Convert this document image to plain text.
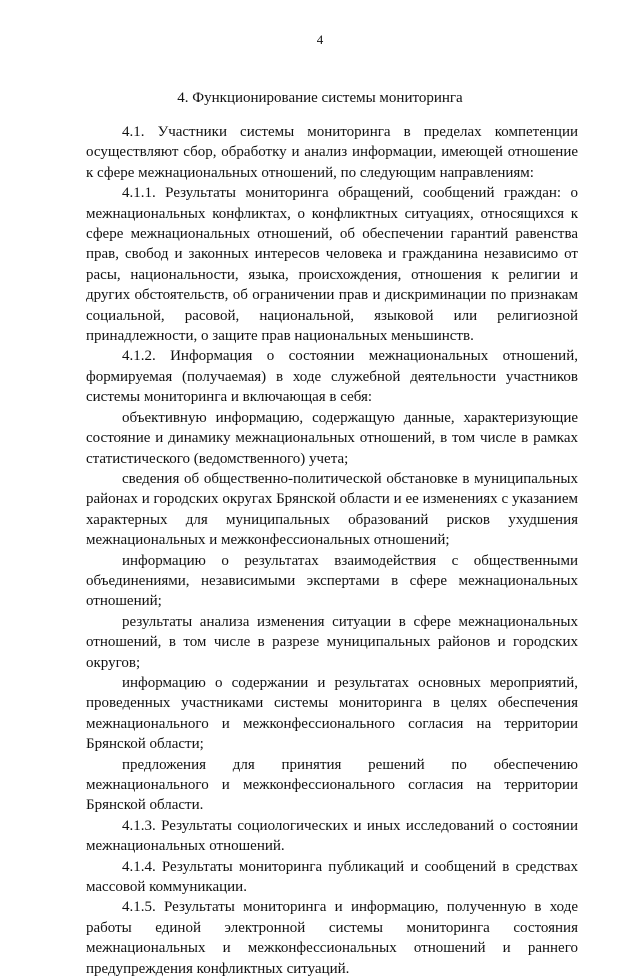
4
4. Функционирование системы мониторинга

4.1. Участники системы мониторинга в пределах компетенции осуществляют сбор, обработку и анализ информации, имеющей отношение к сфере межнациональных отношений, по следующим направлениям:

4.1.1. Результаты мониторинга обращений, сообщений граждан: о межнациональных конфликтах, о конфликтных ситуациях, относящихся к сфере межнациональных отношений, об обеспечении гарантий равенства прав, свобод и законных интересов человека и гражданина независимо от расы, национальности, языка, происхождения, отношения к религии и других обстоятельств, об ограничении прав и дискриминации по признакам социальной, расовой, национальной, языковой или религиозной принадлежности, о защите прав национальных меньшинств.

4.1.2. Информация о состоянии межнациональных отношений, формируемая (получаемая) в ходе служебной деятельности участников системы мониторинга и включающая в себя:

объективную информацию, содержащую данные, характеризующие состояние и динамику межнациональных отношений, в том числе в рамках статистического (ведомственного) учета;

сведения об общественно-политической обстановке в муниципальных районах и городских округах Брянской области и ее изменениях с указанием характерных для муниципальных образований рисков ухудшения межнациональных и межконфессиональных отношений;

информацию о результатах взаимодействия с общественными объединениями, независимыми экспертами в сфере межнациональных отношений;

результаты анализа изменения ситуации в сфере межнациональных отношений, в том числе в разрезе муниципальных районов и городских округов;

информацию о содержании и результатах основных мероприятий, проведенных участниками системы мониторинга в целях обеспечения межнационального и межконфессионального согласия на территории Брянской области;

предложения для принятия решений по обеспечению межнационального и межконфессионального согласия на территории Брянской области.

4.1.3. Результаты социологических и иных исследований о состоянии межнациональных отношений.

4.1.4. Результаты мониторинга публикаций и сообщений в средствах массовой коммуникации.

4.1.5. Результаты мониторинга и информацию, полученную в ходе работы единой электронной системы мониторинга состояния межнациональных и межконфессиональных отношений и раннего предупреждения конфликтных ситуаций.
